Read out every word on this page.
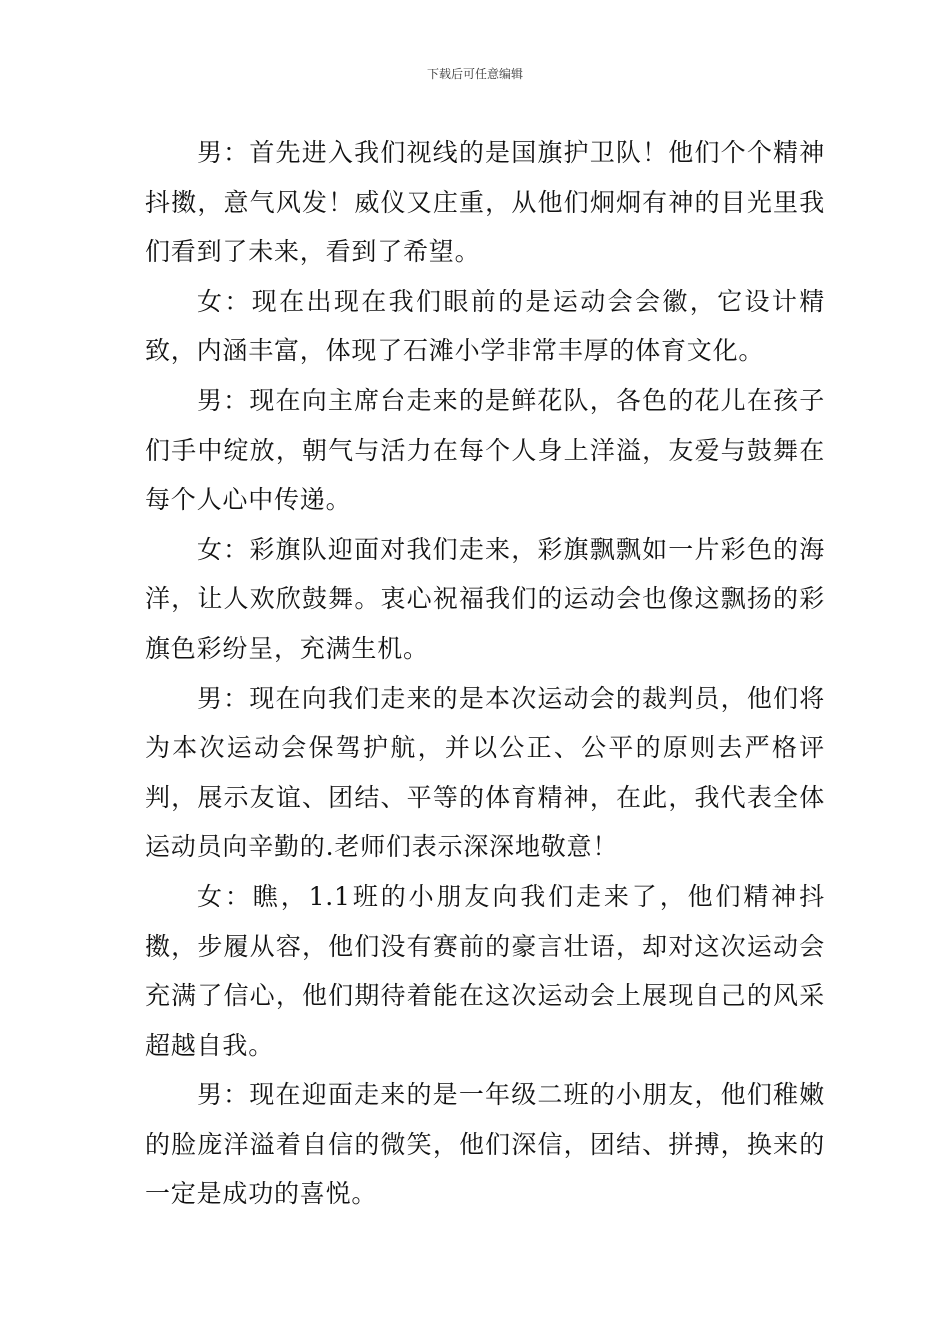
下载后可任意编辑

男：首先进入我们视线的是国旗护卫队！他们个个精神抖擞，意气风发！威仪又庄重，从他们炯炯有神的目光里我们看到了未来，看到了希望。

女：现在出现在我们眼前的是运动会会徽，它设计精致，内涵丰富，体现了石滩小学非常丰厚的体育文化。

男：现在向主席台走来的是鲜花队，各色的花儿在孩子们手中绽放，朝气与活力在每个人身上洋溢，友爱与鼓舞在每个人心中传递。

女：彩旗队迎面对我们走来，彩旗飘飘如一片彩色的海洋，让人欢欣鼓舞。衷心祝福我们的运动会也像这飘扬的彩旗色彩纷呈，充满生机。

男：现在向我们走来的是本次运动会的裁判员，他们将为本次运动会保驾护航，并以公正、公平的原则去严格评判，展示友谊、团结、平等的体育精神，在此，我代表全体运动员向辛勤的.老师们表示深深地敬意！

女：瞧，1.1班的小朋友向我们走来了，他们精神抖擞，步履从容，他们没有赛前的豪言壮语，却对这次运动会充满了信心，他们期待着能在这次运动会上展现自己的风采超越自我。

男：现在迎面走来的是一年级二班的小朋友，他们稚嫩的脸庞洋溢着自信的微笑，他们深信，团结、拼搏，换来的一定是成功的喜悦。
